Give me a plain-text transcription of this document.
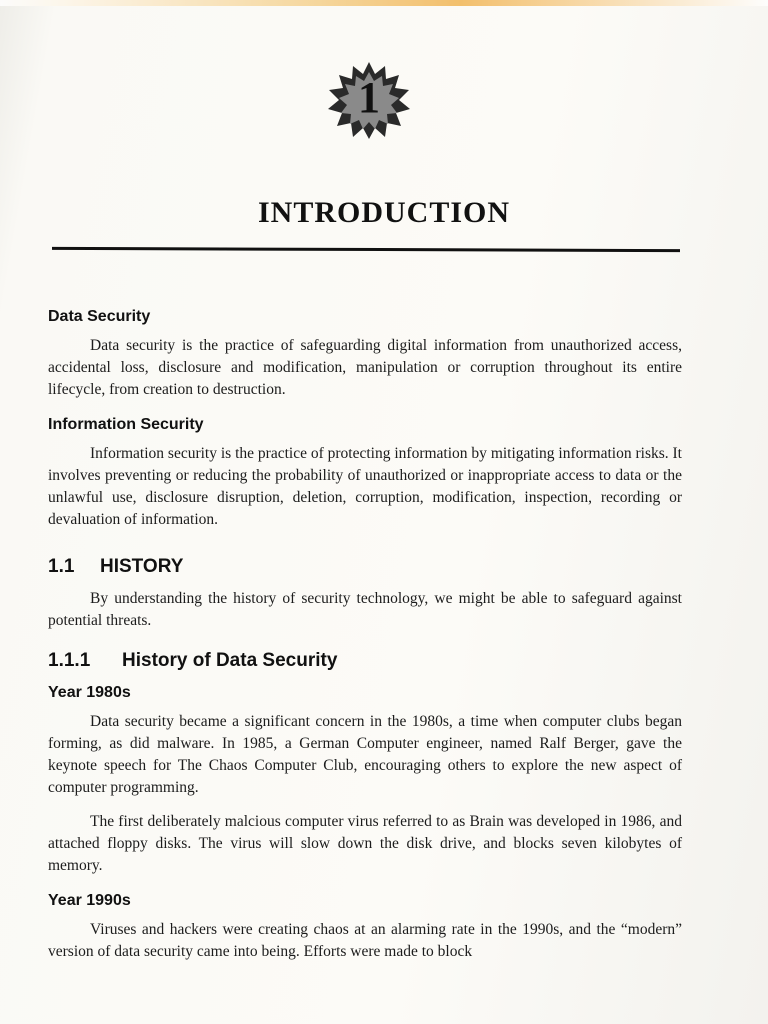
1
INTRODUCTION
Data Security

Data security is the practice of safeguarding digital information from unauthorized access, accidental loss, disclosure and modification, manipulation or corruption throughout its entire lifecycle, from creation to destruction.

Information Security

Information security is the practice of protecting information by mitigating information risks. It involves preventing or reducing the probability of unauthorized or inappropriate access to data or the unlawful use, disclosure disruption, deletion, corruption, modification, inspection, recording or devaluation of information.

1.1 HISTORY

By understanding the history of security technology, we might be able to safeguard against potential threats.

1.1.1 History of Data Security
Year 1980s

Data security became a significant concern in the 1980s, a time when computer clubs began forming, as did malware. In 1985, a German Computer engineer, named Ralf Berger, gave the keynote speech for The Chaos Computer Club, encouraging others to explore the new aspect of computer programming.

The first deliberately malcious computer virus referred to as Brain was developed in 1986, and attached floppy disks. The virus will slow down the disk drive, and blocks seven kilobytes of memory.

Year 1990s

Viruses and hackers were creating chaos at an alarming rate in the 1990s, and the “modern” version of data security came into being. Efforts were made to block
